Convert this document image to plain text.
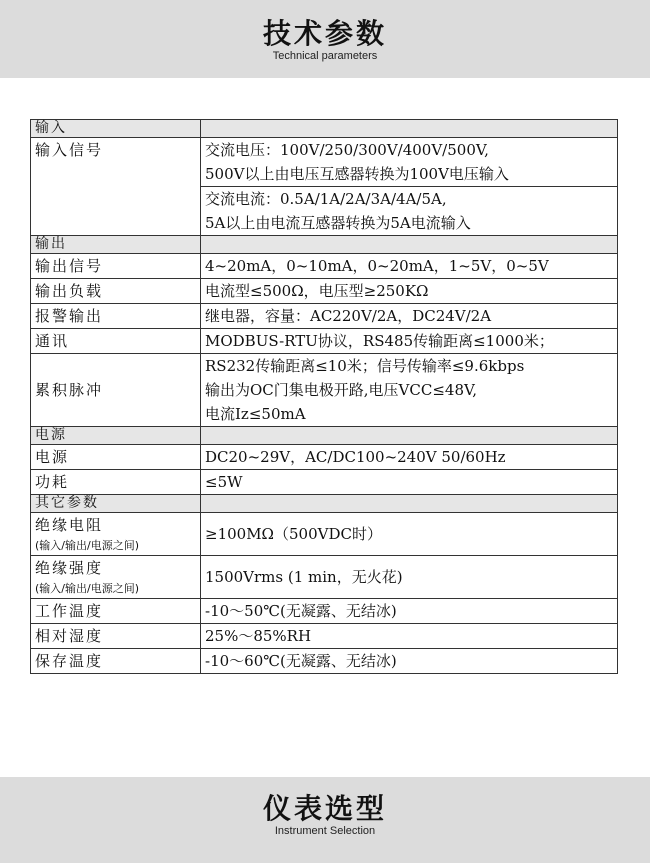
技术参数
Technical parameters
输入	
输入信号	交流电压：100V/250/300V/400V/500V,
500V以上由电压互感器转换为100V电压输入

	交流电流：0.5A/1A/2A/3A/4A/5A,
5A以上由电流互感器转换为5A电流输入

输出	
输出信号	4~20mA，0~10mA，0~20mA，1~5V，0~5V
输出负载	电流型≤500Ω，电压型≥250KΩ
报警输出	继电器，容量：AC220V/2A，DC24V/2A
通讯	MODBUS-RTU协议，RS485传输距离≤1000米；
累积脉冲	RS232传输距离≤10米；信号传输率≤9.6kbps
输出为OC门集电极开路,电压VCC≤48V,
电流Iz≤50mA

电源	
电源	DC20~29V，AC/DC100~240V 50/60Hz
功耗	≤5W
其它参数	
绝缘电阻
(输入/输出/电源之间)	≥100MΩ（500VDC时）
绝缘强度
(输入/输出/电源之间)	1500Vrms (1 min，无火花)
工作温度	-10～50℃(无凝露、无结冰)
相对湿度	25%～85%RH
保存温度	-10～60℃(无凝露、无结冰)
仪表选型
Instrument Selection
